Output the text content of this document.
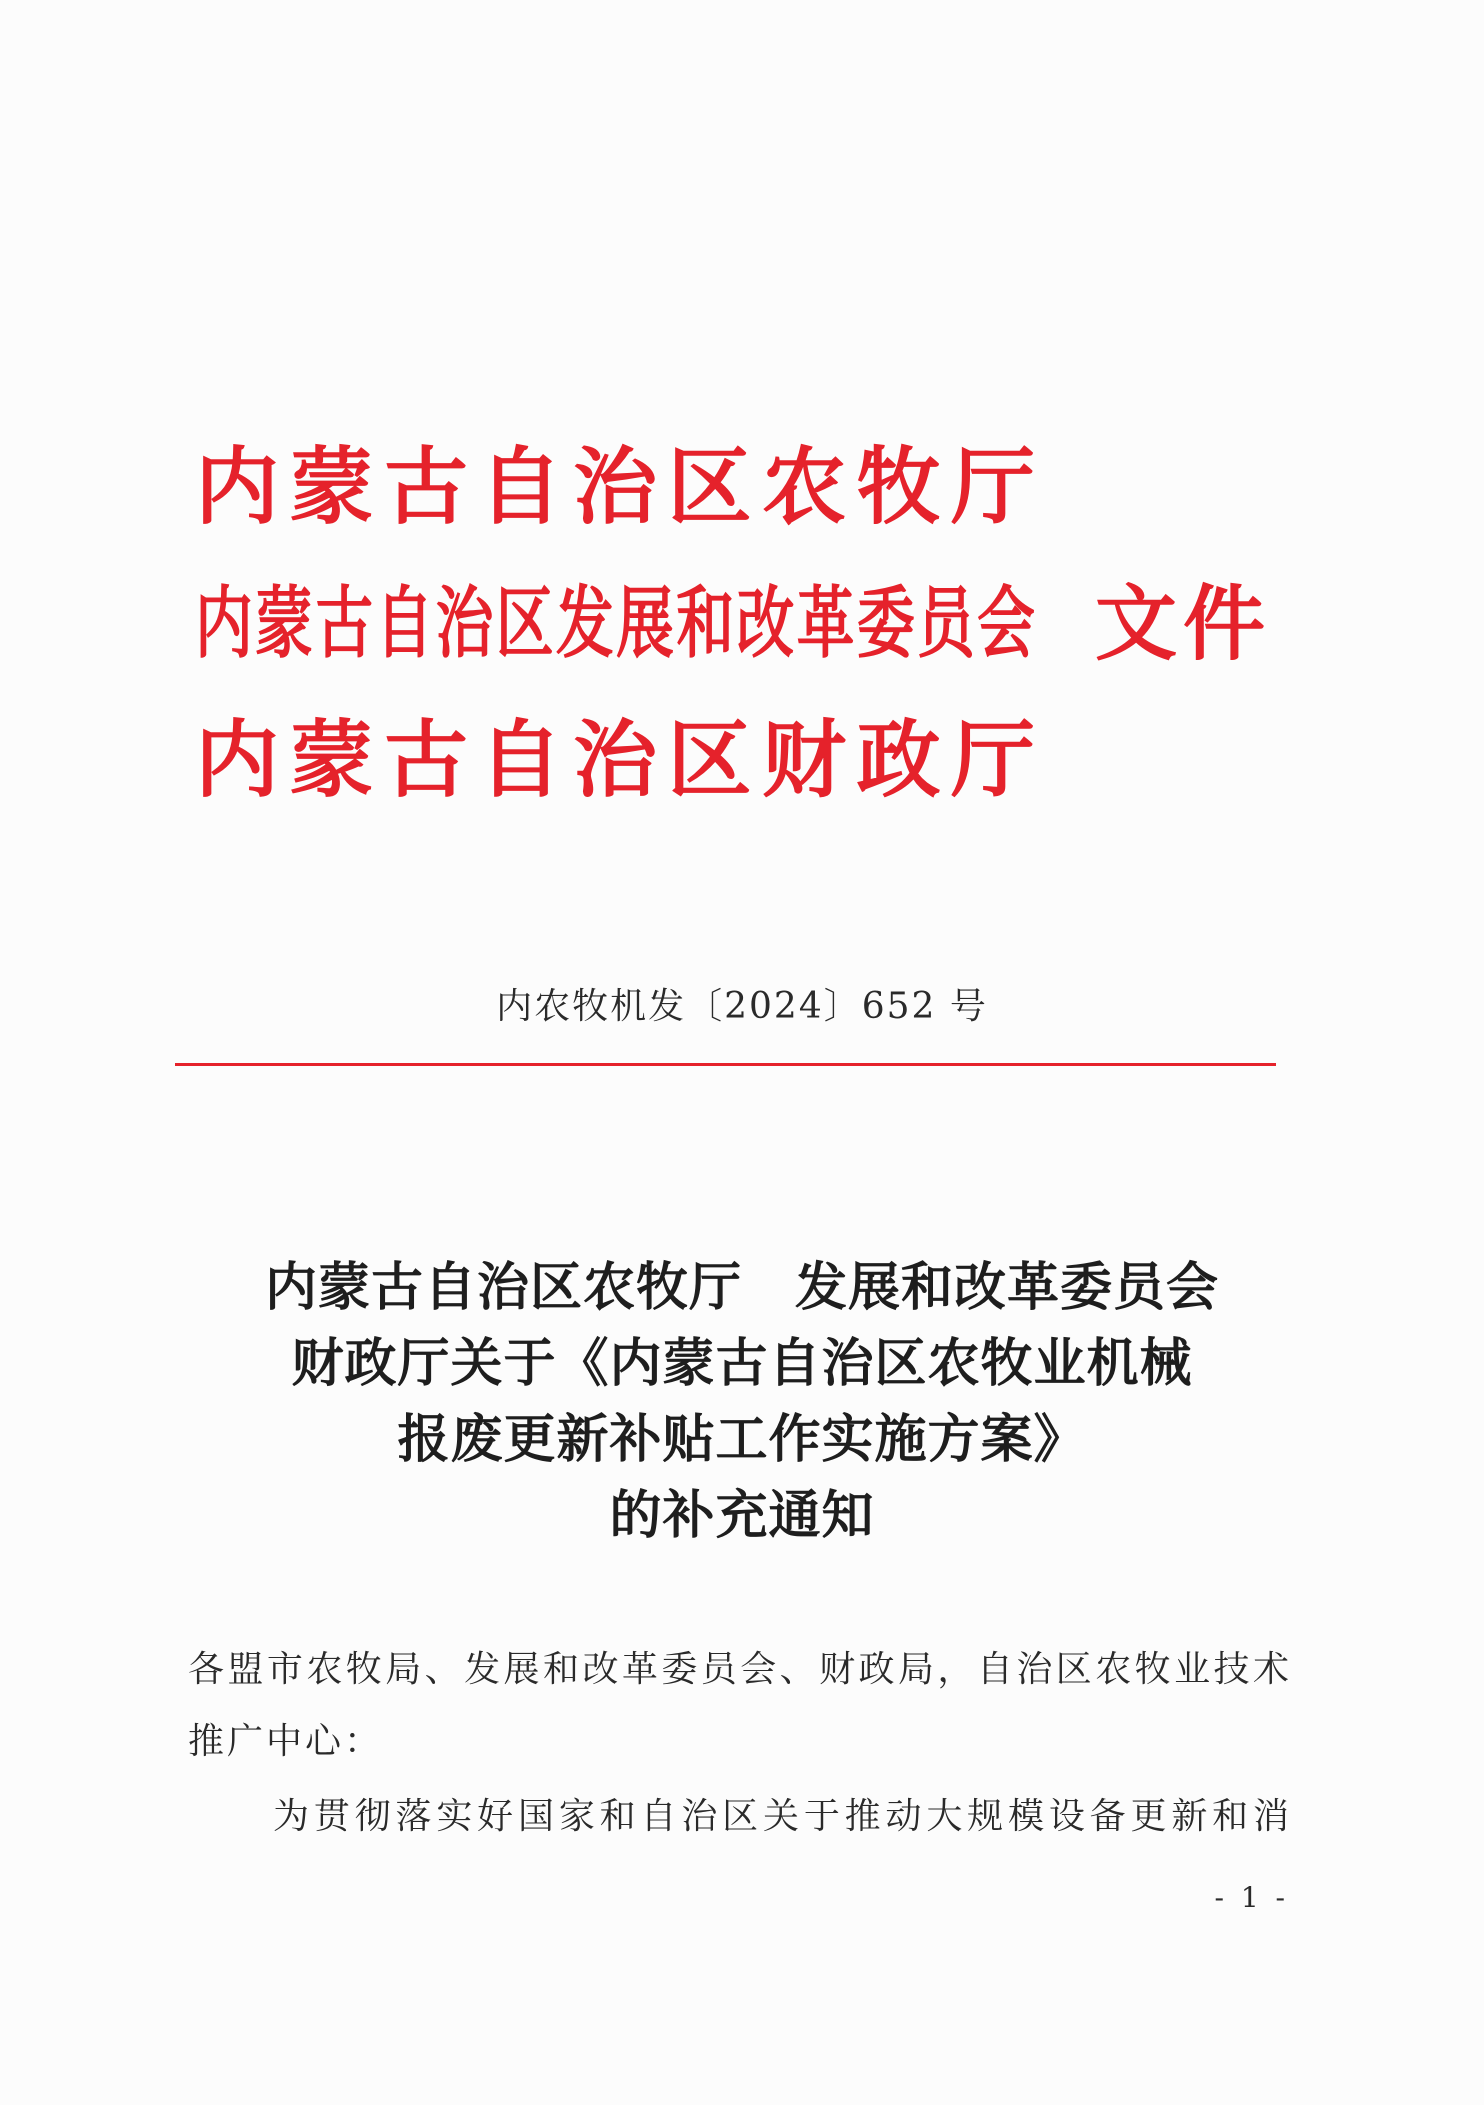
内蒙古自治区农牧厅
内蒙古自治区发展和改革委员会 文件
内蒙古自治区财政厅
内农牧机发〔2024〕652 号
内蒙古自治区农牧厅　发展和改革委员会
财政厅关于《内蒙古自治区农牧业机械
报废更新补贴工作实施方案》
的补充通知
各盟市农牧局、发展和改革委员会、财政局，自治区农牧业技术
推广中心：
为贯彻落实好国家和自治区关于推动大规模设备更新和消
- 1 -
